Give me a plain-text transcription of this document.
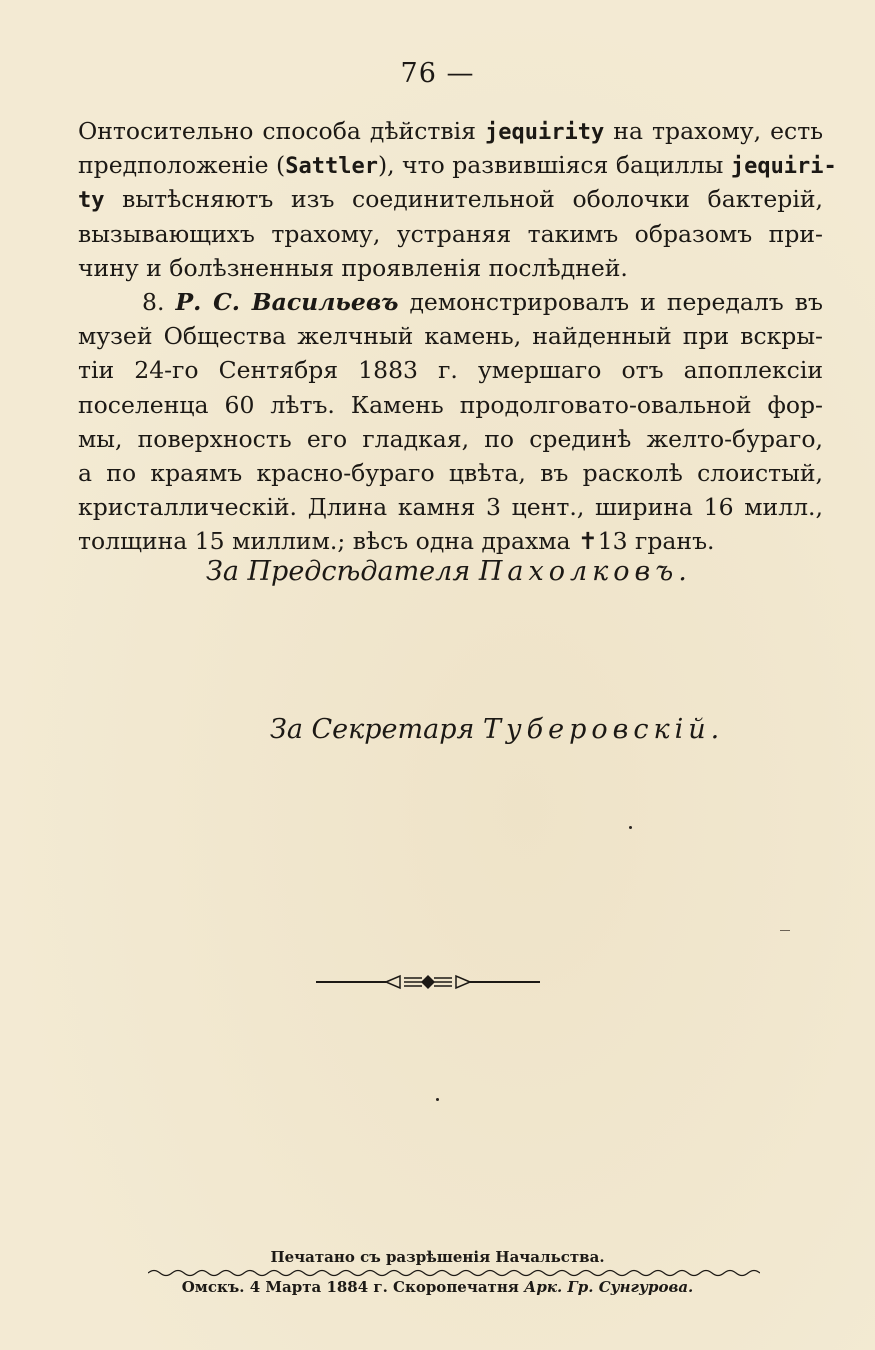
76 —
Онтосительно способа дѣйствія jequirity на трахому, есть
предположеніе (Sattler), что развившіяся бациллы jequiri-
ty вытѣсняютъ изъ соединительной оболочки бактерій,
вызывающихъ трахому, устраняя такимъ образомъ при-
чину и болѣзненныя проявленія послѣдней.
8. Р. С. Васильевъ демонстрировалъ и передалъ въ
музей Общества желчный камень, найденный при вскры-
тіи 24-го Сентября 1883 г. умершаго отъ апоплексіи
поселенца 60 лѣтъ. Камень продолговато-овальной фор-
мы, поверхность его гладкая, по срединѣ желто-бураго,
а по краямъ красно-бураго цвѣта, въ расколѣ слоистый,
кристаллическій. Длина камня 3 цент., ширина 16 милл.,
толщина 15 миллим.; вѣсъ одна драхма ✝13 гранъ.
За Предсѣдателя Пахолковъ.
За Секретаря Туберовскій.
Печатано съ разрѣшенія Начальства.
Омскъ. 4 Марта 1884 г. Скоропечатня Арк. Гр. Сунгурова.
